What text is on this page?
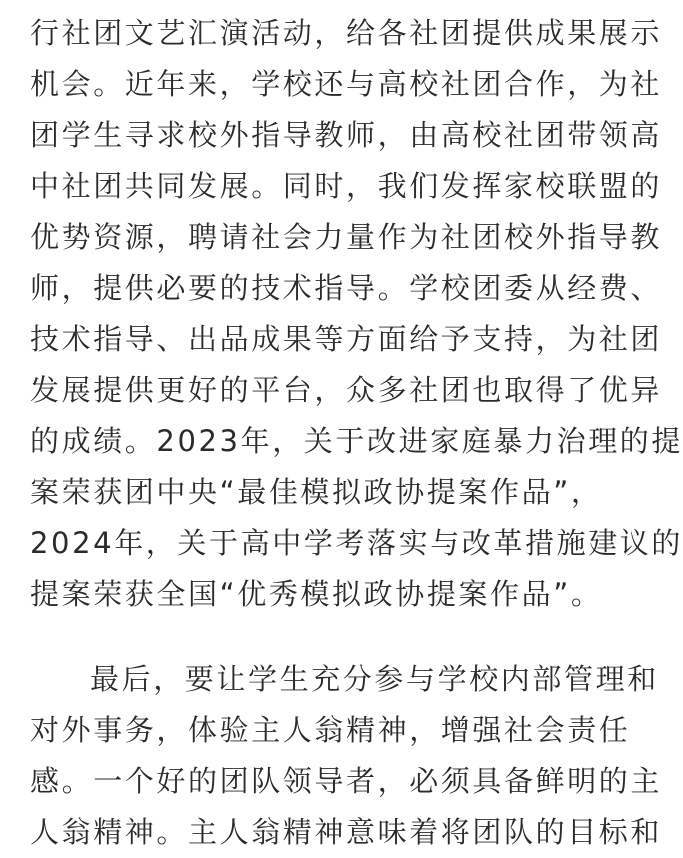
行社团文艺汇演活动，给各社团提供成果展示
机会。近年来，学校还与高校社团合作，为社
团学生寻求校外指导教师，由高校社团带领高
中社团共同发展。同时，我们发挥家校联盟的
优势资源，聘请社会力量作为社团校外指导教
师，提供必要的技术指导。学校团委从经费、
技术指导、出品成果等方面给予支持，为社团
发展提供更好的平台，众多社团也取得了优异
的成绩。2023年，关于改进家庭暴力治理的提
案荣获团中央“最佳模拟政协提案作品”，
2024年，关于高中学考落实与改革措施建议的
提案荣获全国“优秀模拟政协提案作品”。
最后，要让学生充分参与学校内部管理和
对外事务，体验主人翁精神，增强社会责任
感。一个好的团队领导者，必须具备鲜明的主
人翁精神。主人翁精神意味着将团队的目标和
